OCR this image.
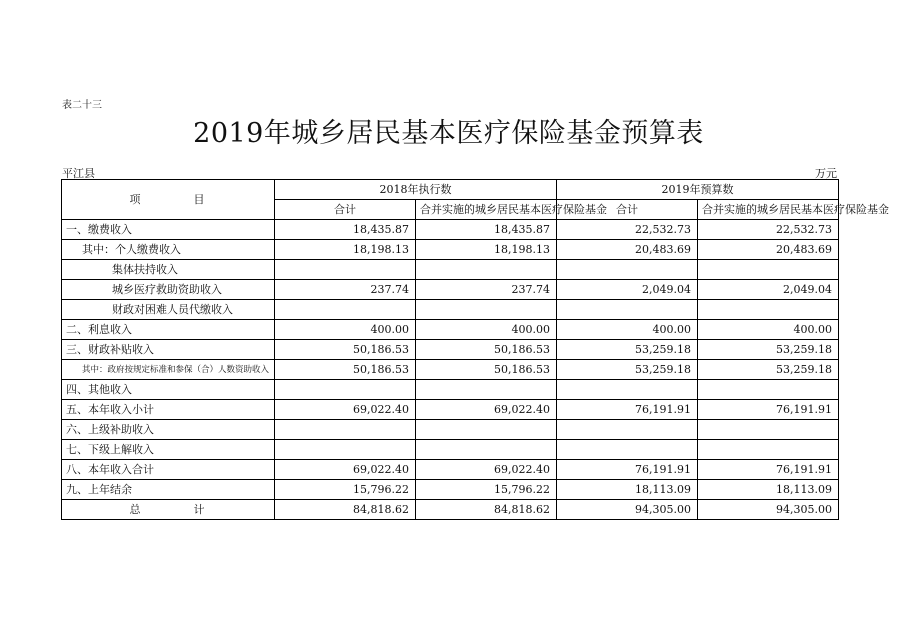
表二十三
2019年城乡居民基本医疗保险基金预算表
平江县	万元
项 目	2018年执行数		2019年预算数	
	合计	合并实施的城乡居民基本医疗保险基金	合计	合并实施的城乡居民基本医疗保险基金
一、缴费收入	18,435.87	18,435.87	22,532.73	22,532.73
其中：个人缴费收入	18,198.13	18,198.13	20,483.69	20,483.69
集体扶持收入				
城乡医疗救助资助收入	237.74	237.74	2,049.04	2,049.04
财政对困难人员代缴收入				
二、利息收入	400.00	400.00	400.00	400.00
三、财政补贴收入	50,186.53	50,186.53	53,259.18	53,259.18
其中：政府按规定标准和参保（合）人数资助收入	50,186.53	50,186.53	53,259.18	53,259.18
四、其他收入				
五、本年收入小计	69,022.40	69,022.40	76,191.91	76,191.91
六、上级补助收入				
七、下级上解收入				
八、本年收入合计	69,022.40	69,022.40	76,191.91	76,191.91
九、上年结余	15,796.22	15,796.22	18,113.09	18,113.09
总 计	84,818.62	84,818.62	94,305.00	94,305.00
